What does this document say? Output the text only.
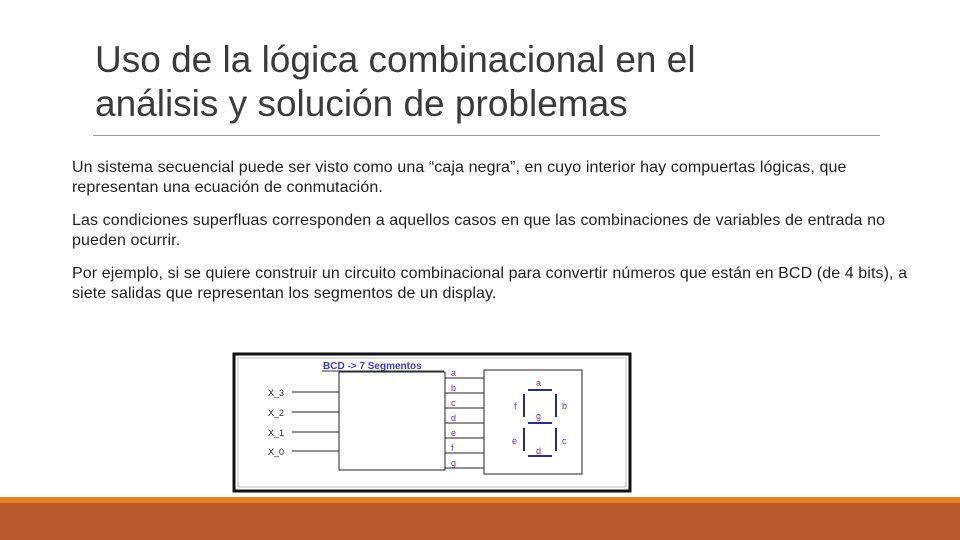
Uso de la lógica combinacional en el
análisis y solución de problemas

Un sistema secuencial puede ser visto como una “caja negra”, en cuyo interior hay compuertas lógicas, que representan una ecuación de conmutación.

Las condiciones superfluas corresponden a aquellos casos en que las combinaciones de variables de entrada no pueden ocurrir.

Por ejemplo, si se quiere construir un circuito combinacional para convertir números que están en BCD (de 4 bits), a siete salidas que representan los segmentos de un display.

BCD -> 7 Segmentos
X_3
X_2
X_1
X_0
a
b
c
d
e
f
g
a
b
c
d
e
f
g
